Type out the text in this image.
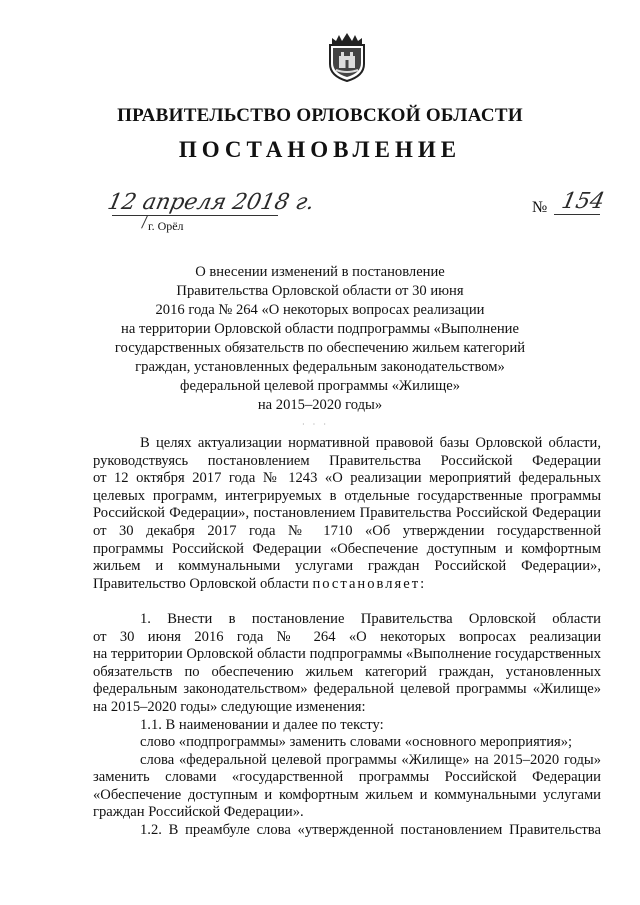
ПРАВИТЕЛЬСТВО ОРЛОВСКОЙ ОБЛАСТИ
ПОСТАНОВЛЕНИЕ
12 апреля 2018 г.
г. Орёл
№ 154
О внесении изменений в постановление
Правительства Орловской области от 30 июня
2016 года № 264 «О некоторых вопросах реализации
на территории Орловской области подпрограммы «Выполнение
государственных обязательств по обеспечению жильем категорий
граждан, установленных федеральным законодательством»
федеральной целевой программы «Жилище»
на 2015–2020 годы»
В целях актуализации нормативной правовой базы Орловской области,
руководствуясь постановлением Правительства Российской Федерации
от 12 октября 2017 года № 1243 «О реализации мероприятий федеральных
целевых программ, интегрируемых в отдельные государственные программы
Российской Федерации», постановлением Правительства Российской Федерации
от 30 декабря 2017 года № 1710 «Об утверждении государственной
программы Российской Федерации «Обеспечение доступным и комфортным
жильем и коммунальными услугами граждан Российской Федерации»,
Правительство Орловской области постановляет:
1. Внести в постановление Правительства Орловской области
от 30 июня 2016 года № 264 «О некоторых вопросах реализации
на территории Орловской области подпрограммы «Выполнение государственных
обязательств по обеспечению жильем категорий граждан, установленных
федеральным законодательством» федеральной целевой программы «Жилище»
на 2015–2020 годы» следующие изменения:
1.1. В наименовании и далее по тексту:
слово «подпрограммы» заменить словами «основного мероприятия»;
слова «федеральной целевой программы «Жилище» на 2015–2020 годы»
заменить словами «государственной программы Российской Федерации
«Обеспечение доступным и комфортным жильем и коммунальными услугами
граждан Российской Федерации».
1.2. В преамбуле слова «утвержденной постановлением Правительства
· · ·
